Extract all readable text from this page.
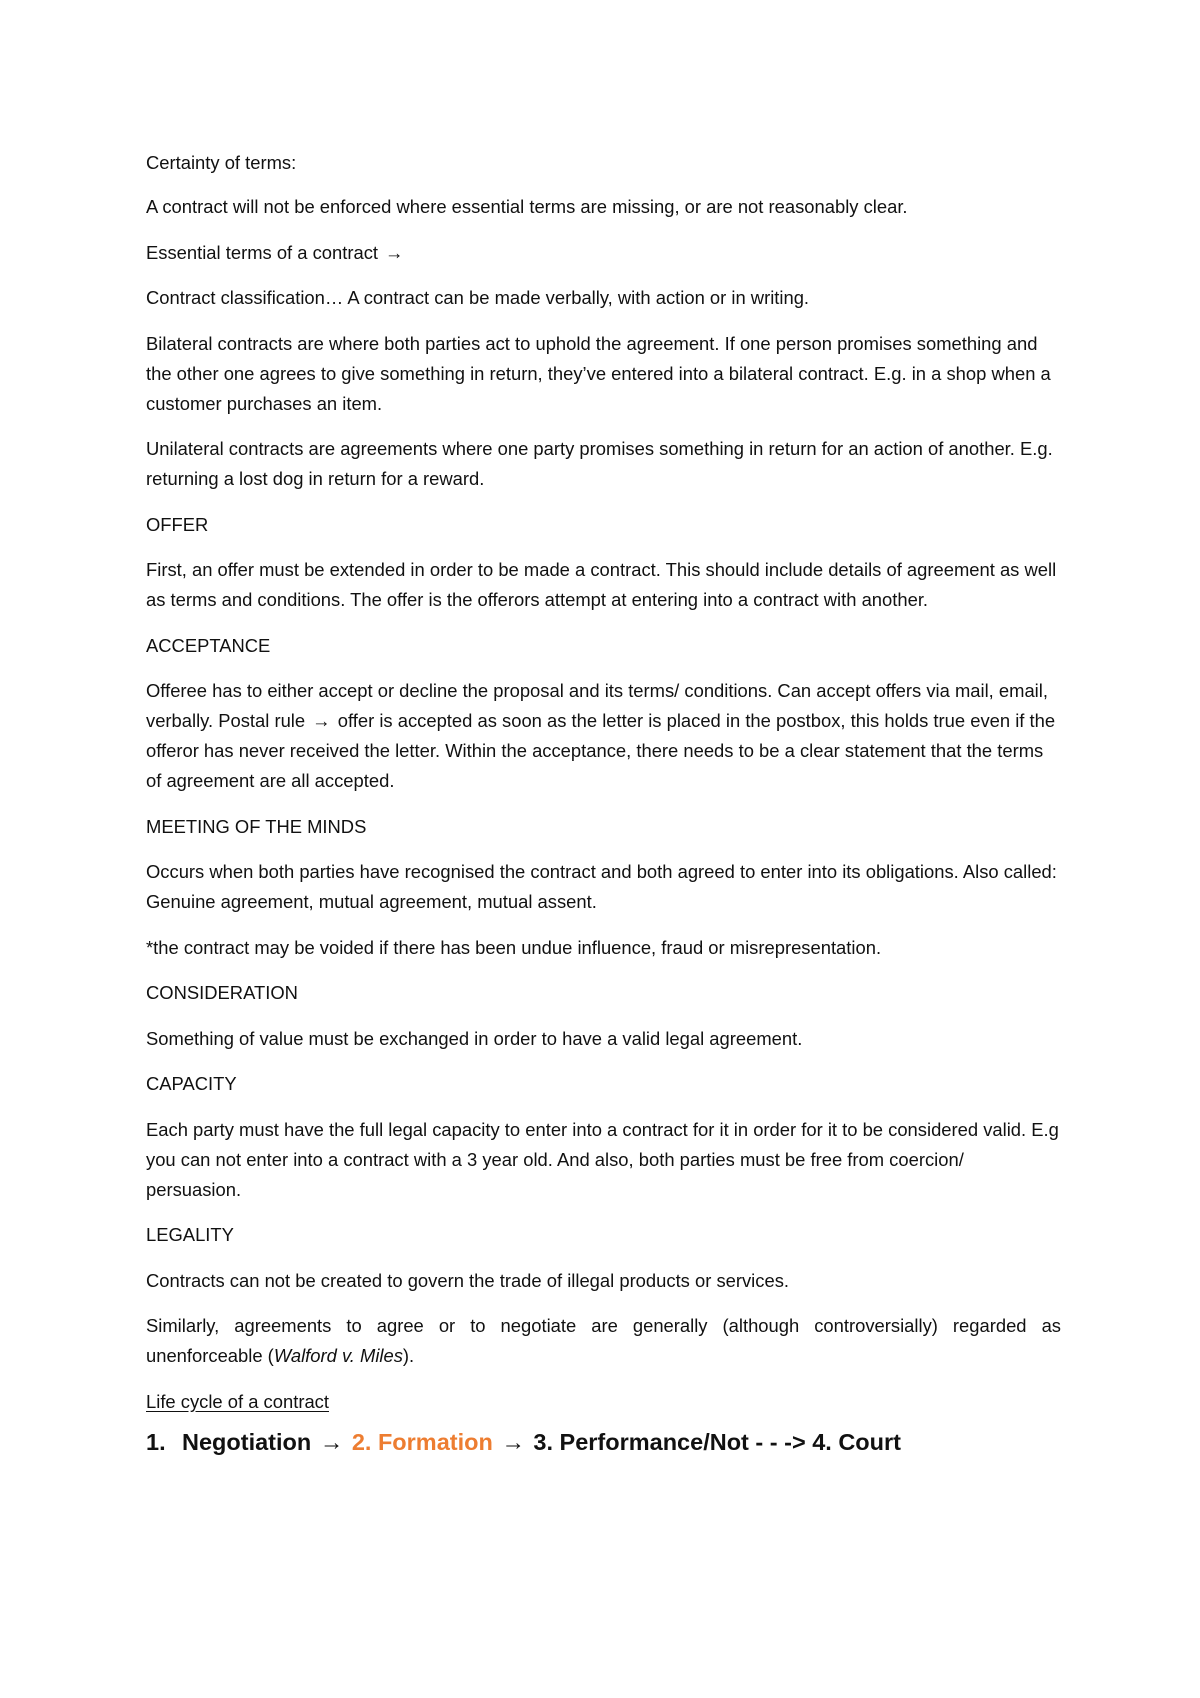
Certainty of terms:

A contract will not be enforced where essential terms are missing, or are not reasonably clear.

Essential terms of a contract →

Contract classification… A contract can be made verbally, with action or in writing.

Bilateral contracts are where both parties act to uphold the agreement. If one person promises something and the other one agrees to give something in return, they’ve entered into a bilateral contract. E.g. in a shop when a customer purchases an item.

Unilateral contracts are agreements where one party promises something in return for an action of another. E.g. returning a lost dog in return for a reward.

OFFER

First, an offer must be extended in order to be made a contract. This should include details of agreement as well as terms and conditions. The offer is the offerors attempt at entering into a contract with another.

ACCEPTANCE

Offeree has to either accept or decline the proposal and its terms/ conditions. Can accept offers via mail, email, verbally. Postal rule → offer is accepted as soon as the letter is placed in the postbox, this holds true even if the offeror has never received the letter. Within the acceptance, there needs to be a clear statement that the terms of agreement are all accepted.

MEETING OF THE MINDS

Occurs when both parties have recognised the contract and both agreed to enter into its obligations. Also called: Genuine agreement, mutual agreement, mutual assent.

*the contract may be voided if there has been undue influence, fraud or misrepresentation.

CONSIDERATION

Something of value must be exchanged in order to have a valid legal agreement.

CAPACITY

Each party must have the full legal capacity to enter into a contract for it in order for it to be considered valid. E.g you can not enter into a contract with a 3 year old. And also, both parties must be free from coercion/ persuasion.

LEGALITY

Contracts can not be created to govern the trade of illegal products or services.

Similarly, agreements to agree or to negotiate are generally (although controversially) regarded as unenforceable (Walford v. Miles).

Life cycle of a contract

1. Negotiation → 2. Formation → 3. Performance/Not - - -> 4. Court
